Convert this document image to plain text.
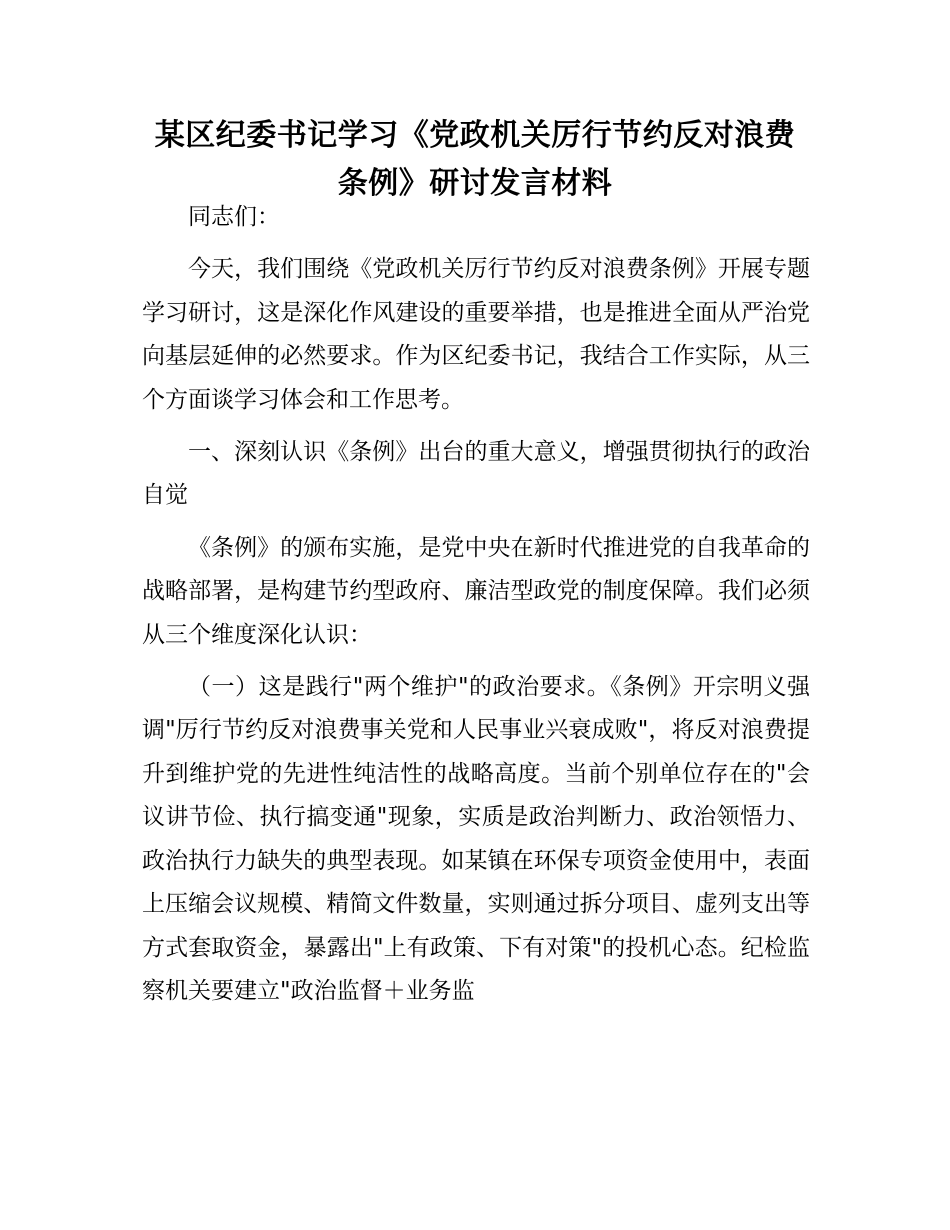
某区纪委书记学习《党政机关厉行节约反对浪费条例》研讨发言材料

同志们：

今天，我们围绕《党政机关厉行节约反对浪费条例》开展专题学习研讨，这是深化作风建设的重要举措，也是推进全面从严治党向基层延伸的必然要求。作为区纪委书记，我结合工作实际，从三个方面谈学习体会和工作思考。

一、深刻认识《条例》出台的重大意义，增强贯彻执行的政治自觉

《条例》的颁布实施，是党中央在新时代推进党的自我革命的战略部署，是构建节约型政府、廉洁型政党的制度保障。我们必须从三个维度深化认识：

（一）这是践行"两个维护"的政治要求。《条例》开宗明义强调"厉行节约反对浪费事关党和人民事业兴衰成败"，将反对浪费提升到维护党的先进性纯洁性的战略高度。当前个别单位存在的"会议讲节俭、执行搞变通"现象，实质是政治判断力、政治领悟力、政治执行力缺失的典型表现。如某镇在环保专项资金使用中，表面上压缩会议规模、精简文件数量，实则通过拆分项目、虚列支出等方式套取资金，暴露出"上有政策、下有对策"的投机心态。纪检监察机关要建立"政治监督＋业务监
